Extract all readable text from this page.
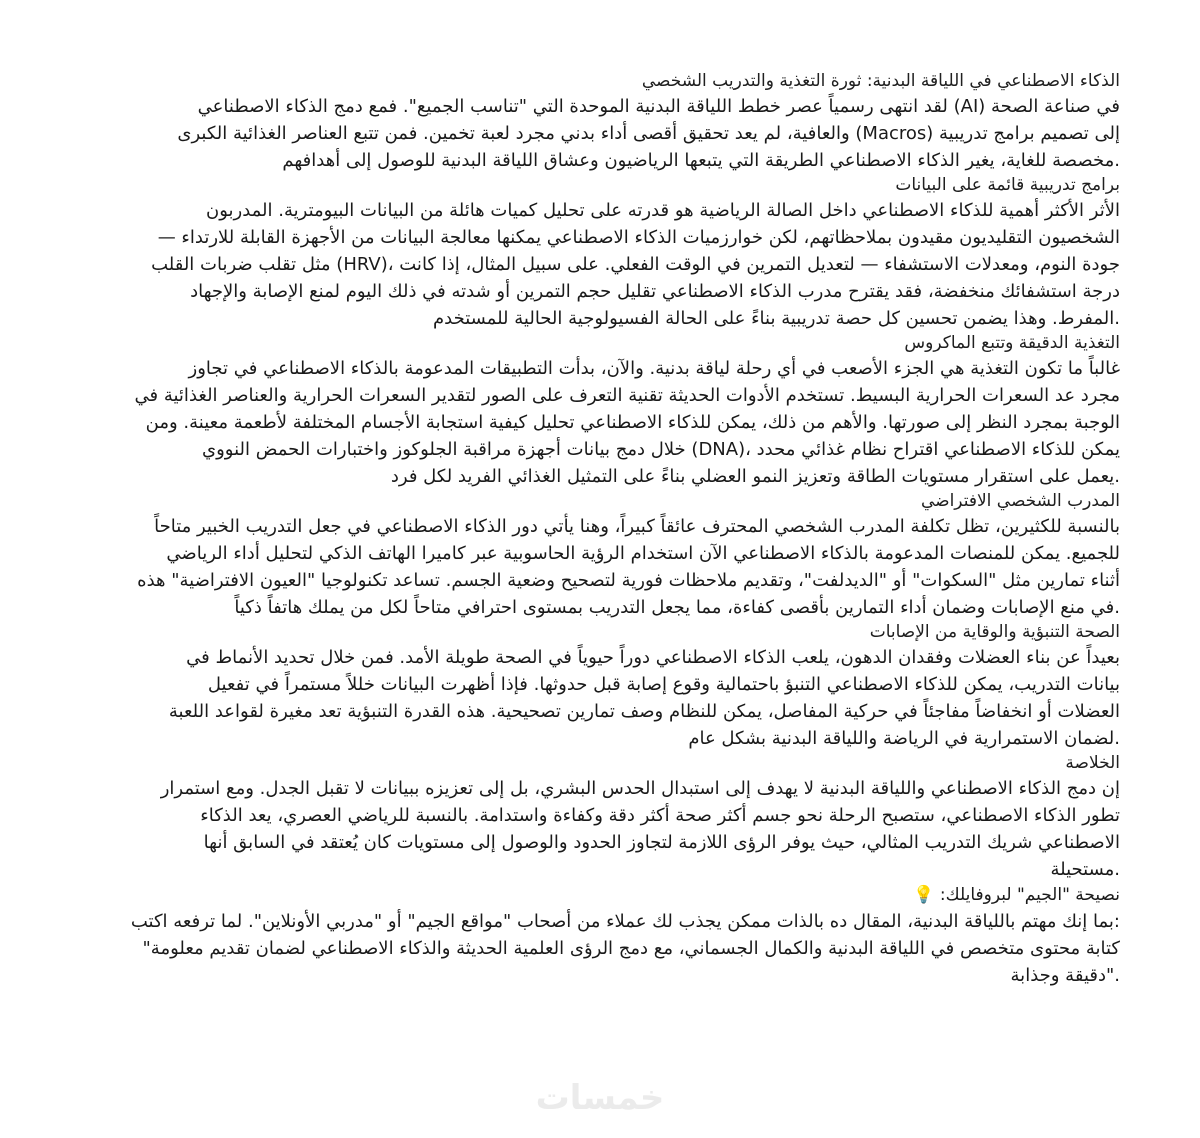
الذكاء الاصطناعي في اللياقة البدنية: ثورة التغذية والتدريب الشخصي
في صناعة الصحة (AI) لقد انتهى رسمياً عصر خطط اللياقة البدنية الموحدة التي "تناسب الجميع". فمع دمج الذكاء الاصطناعي
إلى تصميم برامج تدريبية (Macros) والعافية، لم يعد تحقيق أقصى أداء بدني مجرد لعبة تخمين. فمن تتبع العناصر الغذائية الكبرى
.مخصصة للغاية، يغير الذكاء الاصطناعي الطريقة التي يتبعها الرياضيون وعشاق اللياقة البدنية للوصول إلى أهدافهم
برامج تدريبية قائمة على البيانات
الأثر الأكثر أهمية للذكاء الاصطناعي داخل الصالة الرياضية هو قدرته على تحليل كميات هائلة من البيانات البيومترية. المدربون
الشخصيون التقليديون مقيدون بملاحظاتهم، لكن خوارزميات الذكاء الاصطناعي يمكنها معالجة البيانات من الأجهزة القابلة للارتداء —
جودة النوم، ومعدلات الاستشفاء — لتعديل التمرين في الوقت الفعلي. على سبيل المثال، إذا كانت ،(HRV) مثل تقلب ضربات القلب
درجة استشفائك منخفضة، فقد يقترح مدرب الذكاء الاصطناعي تقليل حجم التمرين أو شدته في ذلك اليوم لمنع الإصابة والإجهاد
.المفرط. وهذا يضمن تحسين كل حصة تدريبية بناءً على الحالة الفسيولوجية الحالية للمستخدم
التغذية الدقيقة وتتبع الماكروس
غالباً ما تكون التغذية هي الجزء الأصعب في أي رحلة لياقة بدنية. والآن، بدأت التطبيقات المدعومة بالذكاء الاصطناعي في تجاوز
مجرد عد السعرات الحرارية البسيط. تستخدم الأدوات الحديثة تقنية التعرف على الصور لتقدير السعرات الحرارية والعناصر الغذائية في
الوجبة بمجرد النظر إلى صورتها. والأهم من ذلك، يمكن للذكاء الاصطناعي تحليل كيفية استجابة الأجسام المختلفة لأطعمة معينة. ومن
يمكن للذكاء الاصطناعي اقتراح نظام غذائي محدد ،(DNA) خلال دمج بيانات أجهزة مراقبة الجلوكوز واختبارات الحمض النووي
.يعمل على استقرار مستويات الطاقة وتعزيز النمو العضلي بناءً على التمثيل الغذائي الفريد لكل فرد
المدرب الشخصي الافتراضي
بالنسبة للكثيرين، تظل تكلفة المدرب الشخصي المحترف عائقاً كبيراً، وهنا يأتي دور الذكاء الاصطناعي في جعل التدريب الخبير متاحاً
للجميع. يمكن للمنصات المدعومة بالذكاء الاصطناعي الآن استخدام الرؤية الحاسوبية عبر كاميرا الهاتف الذكي لتحليل أداء الرياضي
أثناء تمارين مثل "السكوات" أو "الديدلفت"، وتقديم ملاحظات فورية لتصحيح وضعية الجسم. تساعد تكنولوجيا "العيون الافتراضية" هذه
.في منع الإصابات وضمان أداء التمارين بأقصى كفاءة، مما يجعل التدريب بمستوى احترافي متاحاً لكل من يملك هاتفاً ذكياً
الصحة التنبؤية والوقاية من الإصابات
بعيداً عن بناء العضلات وفقدان الدهون، يلعب الذكاء الاصطناعي دوراً حيوياً في الصحة طويلة الأمد. فمن خلال تحديد الأنماط في
بيانات التدريب، يمكن للذكاء الاصطناعي التنبؤ باحتمالية وقوع إصابة قبل حدوثها. فإذا أظهرت البيانات خللاً مستمراً في تفعيل
العضلات أو انخفاضاً مفاجئاً في حركية المفاصل، يمكن للنظام وصف تمارين تصحيحية. هذه القدرة التنبؤية تعد مغيرة لقواعد اللعبة
.لضمان الاستمرارية في الرياضة واللياقة البدنية بشكل عام
الخلاصة
إن دمج الذكاء الاصطناعي واللياقة البدنية لا يهدف إلى استبدال الحدس البشري، بل إلى تعزيزه ببيانات لا تقبل الجدل. ومع استمرار
تطور الذكاء الاصطناعي، ستصبح الرحلة نحو جسم أكثر صحة أكثر دقة وكفاءة واستدامة. بالنسبة للرياضي العصري، يعد الذكاء
الاصطناعي شريك التدريب المثالي، حيث يوفر الرؤى اللازمة لتجاوز الحدود والوصول إلى مستويات كان يُعتقد في السابق أنها
.مستحيلة
نصيحة "الجيم" لبروفايلك: 💡
:بما إنك مهتم باللياقة البدنية، المقال ده بالذات ممكن يجذب لك عملاء من أصحاب "مواقع الجيم" أو "مدربي الأونلاين". لما ترفعه اكتب
كتابة محتوى متخصص في اللياقة البدنية والكمال الجسماني، مع دمج الرؤى العلمية الحديثة والذكاء الاصطناعي لضمان تقديم معلومة"
."دقيقة وجذابة
خمسات
